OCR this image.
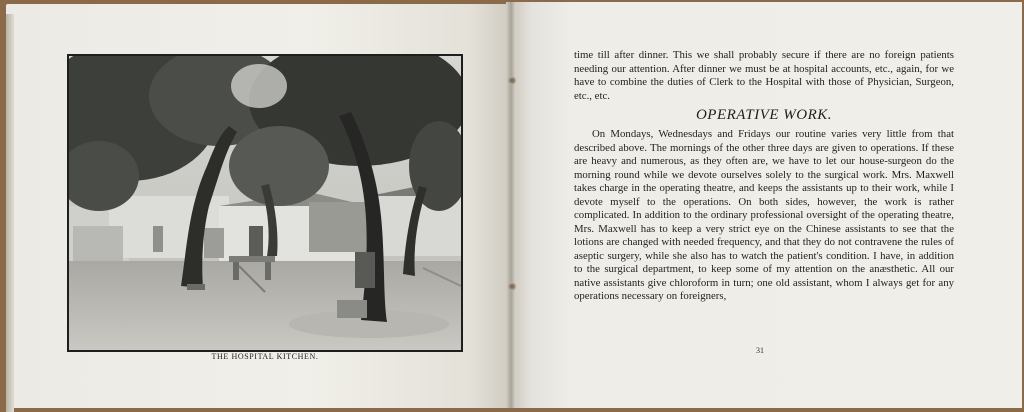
THE HOSPITAL KITCHEN.

time till after dinner. This we shall probably secure if there are no foreign patients needing our attention. After dinner we must be at hospital accounts, etc., again, for we have to combine the duties of Clerk to the Hospital with those of Physician, Surgeon, etc., etc.

OPERATIVE WORK.

On Mondays, Wednesdays and Fridays our routine varies very little from that described above. The mornings of the other three days are given to operations. If these are heavy and numerous, as they often are, we have to let our house-surgeon do the morning round while we devote ourselves solely to the surgical work. Mrs. Maxwell takes charge in the operating theatre, and keeps the assistants up to their work, while I devote myself to the operations. On both sides, however, the work is rather complicated. In addition to the ordinary professional oversight of the operating theatre, Mrs. Maxwell has to keep a very strict eye on the Chinese assistants to see that the lotions are changed with needed frequency, and that they do not contravene the rules of aseptic surgery, while she also has to watch the patient's condition. I have, in addition to the surgical department, to keep some of my attention on the anæsthetic. All our native assistants give chloroform in turn; one old assistant, whom I always get for any operations necessary on foreigners,

31
